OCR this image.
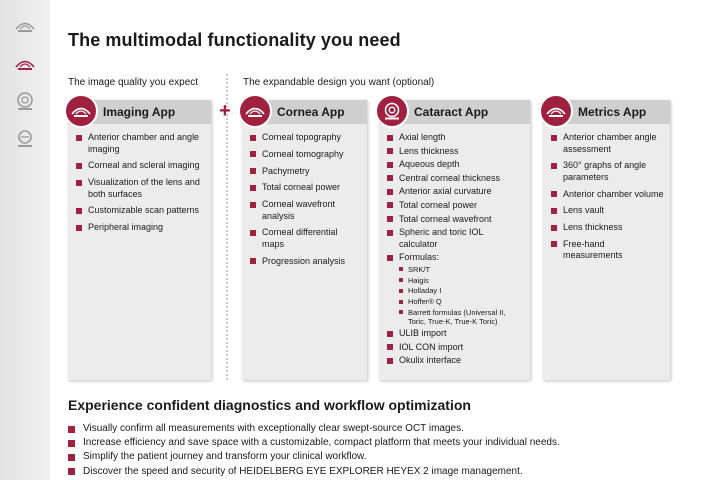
The multimodal functionality you need
The image quality you expect	The expandable design you want (optional)
+
Imaging App
Anterior chamber and angle imaging
Corneal and scleral imaging
Visualization of the lens and both surfaces
Customizable scan patterns
Peripheral imaging
Cornea App
Corneal topography
Corneal tomography
Pachymetry
Total corneal power
Corneal wavefront analysis
Corneal differential maps
Progression analysis
Cataract App
Axial length
Lens thickness
Aqueous depth
Central corneal thickness
Anterior axial curvature
Total corneal power
Total corneal wavefront
Spheric and toric IOL calculator
Formulas:
SRK/T
Haigis
Holladay I
Hoffer® Q
Barrett formulas (Universal II, Toric, True-K, True-K Toric)
ULIB import
IOL CON import
Okulix interface
Metrics App
Anterior chamber angle assessment
360° graphs of angle parameters
Anterior chamber volume
Lens vault
Lens thickness
Free-hand measurements
Experience confident diagnostics and workflow optimization
Visually confirm all measurements with exceptionally clear swept-source OCT images.
Increase efficiency and save space with a customizable, compact platform that meets your individual needs.
Simplify the patient journey and transform your clinical workflow.
Discover the speed and security of HEIDELBERG EYE EXPLORER HEYEX 2 image management.
